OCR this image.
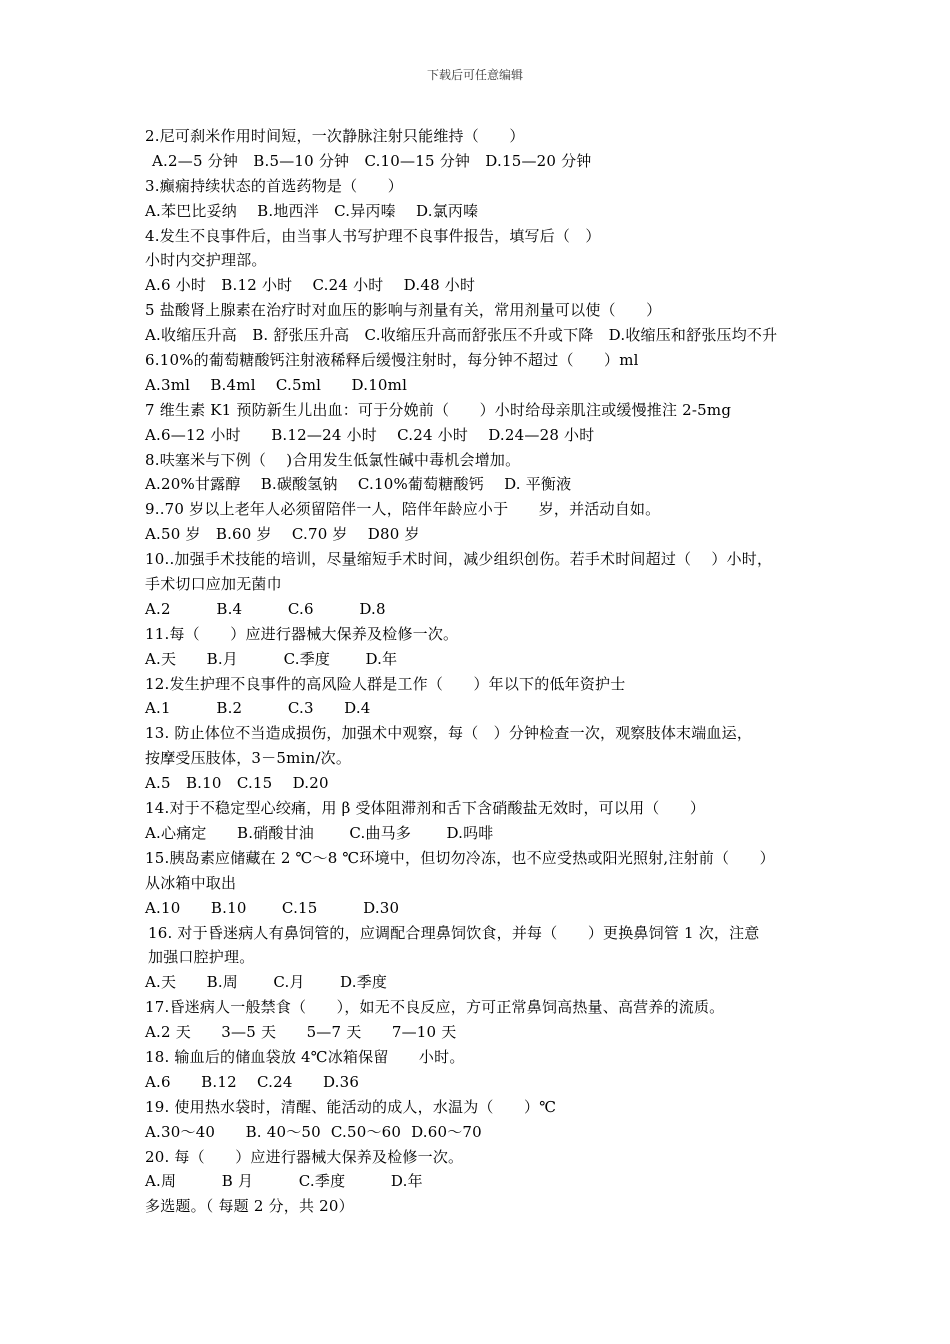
下载后可任意编辑
2.尼可刹米作用时间短，一次静脉注射只能维持（　　）
A.2—5 分钟　B.5—10 分钟　C.10—15 分钟　D.15—20 分钟
3.癫痫持续状态的首选药物是（　　）
A.苯巴比妥纳　 B.地西泮　C.异丙嗪　 D.氯丙嗪
4.发生不良事件后，由当事人书写护理不良事件报告，填写后（　）
小时内交护理部。
A.6 小时　B.12 小时　 C.24 小时　 D.48 小时
5 盐酸肾上腺素在治疗时对血压的影响与剂量有关，常用剂量可以使（　　）
A.收缩压升高　B. 舒张压升高　C.收缩压升高而舒张压不升或下降　D.收缩压和舒张压均不升
6.10%的葡萄糖酸钙注射液稀释后缓慢注射时，每分钟不超过（　　）ml
A.3ml　 B.4ml　 C.5ml　　D.10ml
7 维生素 K1 预防新生儿出血：可于分娩前（　　）小时给母亲肌注或缓慢推注 2-5mg
A.6—12 小时　　B.12—24 小时　 C.24 小时　 D.24—28 小时
8.呋塞米与下例（　 )合用发生低氯性碱中毒机会增加。
A.20%甘露醇　 B.碳酸氢钠　 C.10%葡萄糖酸钙　 D. 平衡液
9..70 岁以上老年人必须留陪伴一人，陪伴年龄应小于　　岁，并活动自如。
A.50 岁　B.60 岁　 C.70 岁　 D80 岁
10..加强手术技能的培训，尽量缩短手术时间，减少组织创伤。若手术时间超过（　 ）小时，
手术切口应加无菌巾
A.2　　　B.4　　　C.6　　　D.8
11.每（　　）应进行器械大保养及检修一次。
A.天　　B.月　　　C.季度　　 D.年
12.发生护理不良事件的高风险人群是工作（　　）年以下的低年资护士
A.1　　　B.2　　　C.3　　D.4
13. 防止体位不当造成损伤，加强术中观察，每（　）分钟检查一次，观察肢体末端血运，
按摩受压肢体，3－5min/次。
A.5　B.10　C.15　 D.20
14.对于不稳定型心绞痛，用 β 受体阻滞剂和舌下含硝酸盐无效时，可以用（　　）
A.心痛定　　B.硝酸甘油　　 C.曲马多　　 D.吗啡
15.胰岛素应储藏在 2 ℃～8 ℃环境中，但切勿冷冻，也不应受热或阳光照射,注射前（　　）
从冰箱中取出
A.10　　B.10　　 C.15　　　D.30
16. 对于昏迷病人有鼻饲管的，应调配合理鼻饲饮食，并每（　　）更换鼻饲管 1 次，注意
加强口腔护理。
A.天　　B.周　　 C.月　　 D.季度
17.昏迷病人一般禁食（　　），如无不良反应，方可正常鼻饲高热量、高营养的流质。
A.2 天　　3—5 天　　5—7 天　　7—10 天
18. 输血后的储血袋放 4℃冰箱保留　　小时。
A.6　　B.12　 C.24　　D.36
19. 使用热水袋时，清醒、能活动的成人，水温为（　　）℃
A.30～40　　B. 40～50  C.50～60  D.60～70
20. 每（　　）应进行器械大保养及检修一次。
A.周　　　B 月　　　C.季度　　　D.年
多选题。（ 每题 2 分，共 20）
